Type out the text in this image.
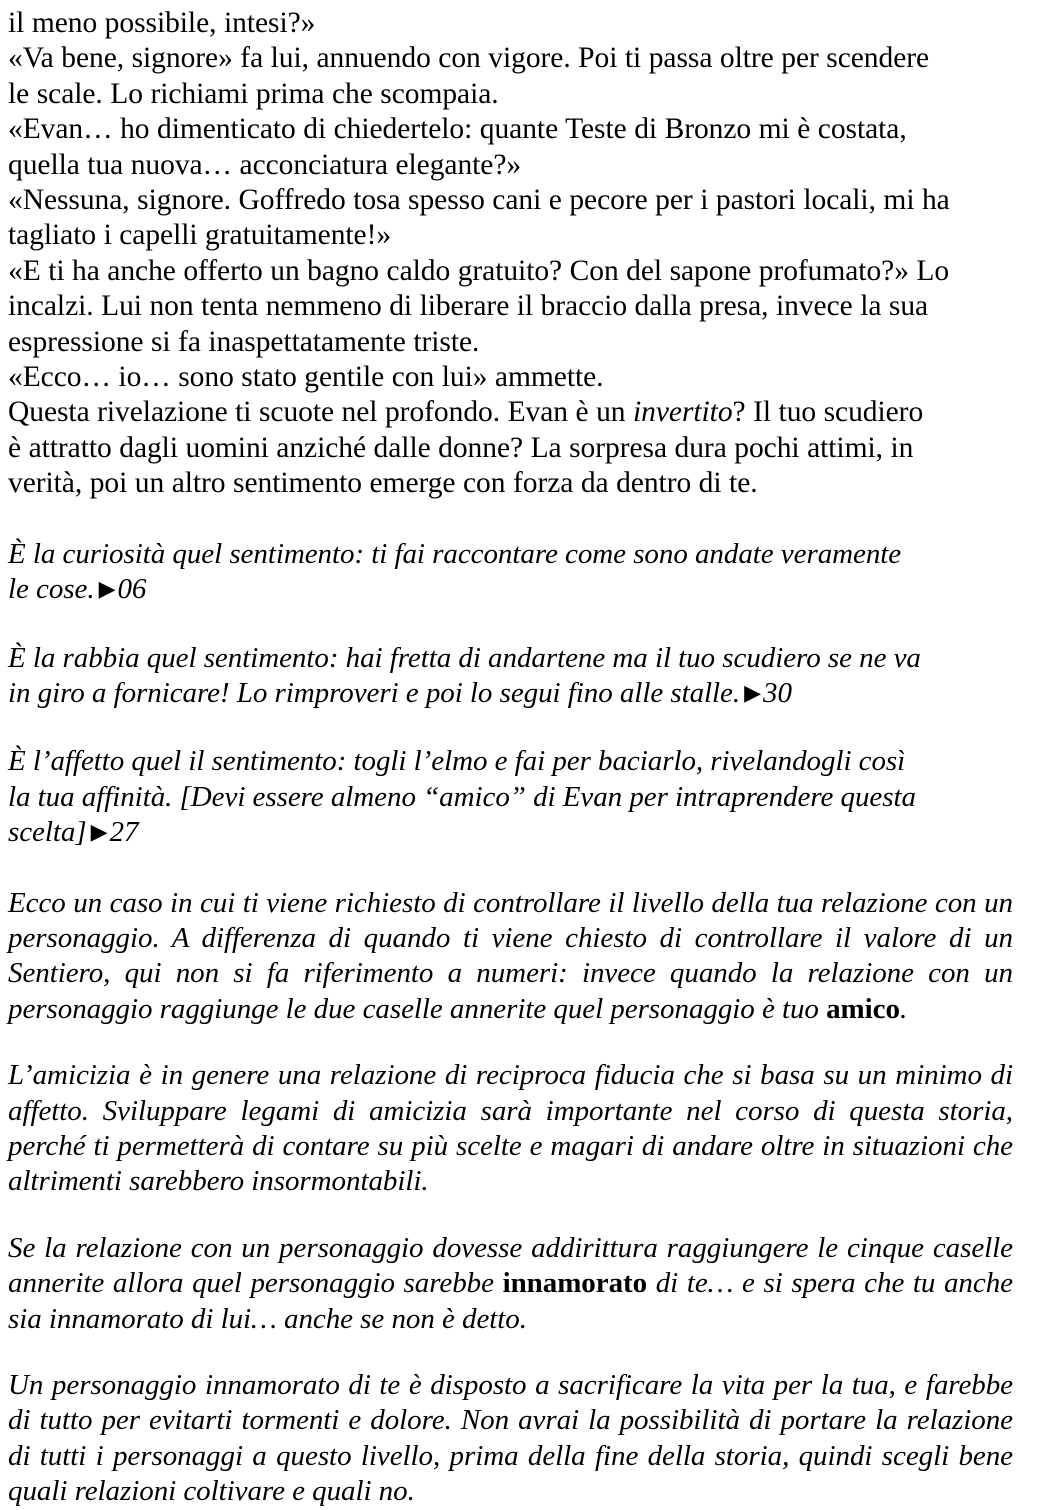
il meno possibile, intesi?»
«Va bene, signore» fa lui, annuendo con vigore. Poi ti passa oltre per scendere
le scale. Lo richiami prima che scompaia.
«Evan… ho dimenticato di chiedertelo: quante Teste di Bronzo mi è costata,
quella tua nuova… acconciatura elegante?»
«Nessuna, signore. Goffredo tosa spesso cani e pecore per i pastori locali, mi ha
tagliato i capelli gratuitamente!»
«E ti ha anche offerto un bagno caldo gratuito? Con del sapone profumato?» Lo
incalzi. Lui non tenta nemmeno di liberare il braccio dalla presa, invece la sua
espressione si fa inaspettatamente triste.
«Ecco… io… sono stato gentile con lui» ammette.
Questa rivelazione ti scuote nel profondo. Evan è un invertito? Il tuo scudiero
è attratto dagli uomini anziché dalle donne? La sorpresa dura pochi attimi, in
verità, poi un altro sentimento emerge con forza da dentro di te.
È la curiosità quel sentimento: ti fai raccontare come sono andate veramente
le cose. ▶06
È la rabbia quel sentimento: hai fretta di andartene ma il tuo scudiero se ne va
in giro a fornicare! Lo rimproveri e poi lo segui fino alle stalle. ▶30
È l’affetto quel il sentimento: togli l’elmo e fai per baciarlo, rivelandogli così
la tua affinità. [Devi essere almeno “amico” di Evan per intraprendere questa
scelta] ▶27

Ecco un caso in cui ti viene richiesto di controllare il livello della tua relazione con un personaggio. A differenza di quando ti viene chiesto di controllare il valore di un Sentiero, qui non si fa riferimento a numeri: invece quando la relazione con un personaggio raggiunge le due caselle annerite quel personaggio è tuo amico.

L’amicizia è in genere una relazione di reciproca fiducia che si basa su un minimo di affetto. Sviluppare legami di amicizia sarà importante nel corso di questa storia, perché ti permetterà di contare su più scelte e magari di andare oltre in situazioni che altrimenti sarebbero insormontabili.

Se la relazione con un personaggio dovesse addirittura raggiungere le cinque caselle annerite allora quel personaggio sarebbe innamorato di te… e si spera che tu anche sia innamorato di lui… anche se non è detto.

Un personaggio innamorato di te è disposto a sacrificare la vita per la tua, e farebbe di tutto per evitarti tormenti e dolore. Non avrai la possibilità di portare la relazione di tutti i personaggi a questo livello, prima della fine della storia, quindi scegli bene quali relazioni coltivare e quali no.
